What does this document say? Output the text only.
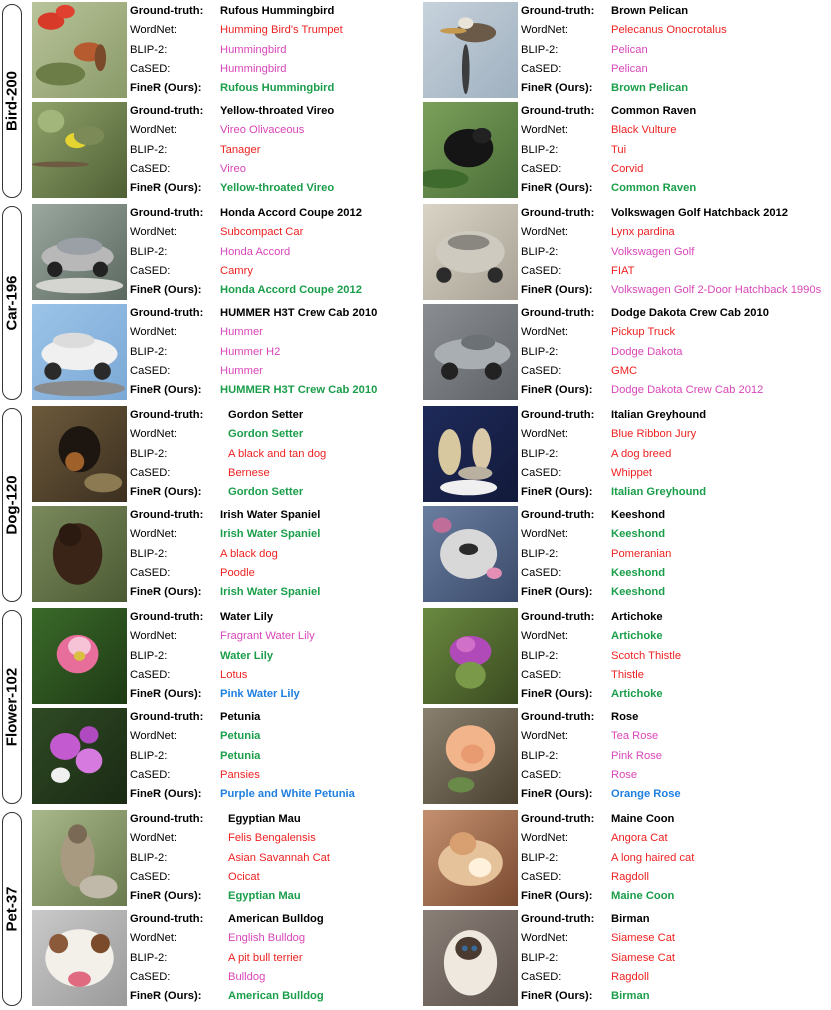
Bird-200
Ground-truth: Rufous Hummingbird
WordNet:	Humming Bird's Trumpet
BLIP-2:	Hummingbird
CaSED:	Hummingbird
FineR (Ours): Rufous Hummingbird
Ground-truth: Brown Pelican
WordNet:	Pelecanus Onocrotalus
BLIP-2:	Pelican
CaSED:	Pelican
FineR (Ours): Brown Pelican
Ground-truth: Yellow-throated Vireo
WordNet:	Vireo Olivaceous
BLIP-2:	Tanager
CaSED:	Vireo
FineR (Ours): Yellow-throated Vireo
Ground-truth: Common Raven
WordNet:	Black Vulture
BLIP-2:	Tui
CaSED:	Corvid
FineR (Ours): Common Raven
Car-196
Ground-truth: Honda Accord Coupe 2012
WordNet:	Subcompact Car
BLIP-2:	Honda Accord
CaSED:	Camry
FineR (Ours): Honda Accord Coupe 2012
Ground-truth: Volkswagen Golf Hatchback 2012
WordNet:	Lynx pardina
BLIP-2:	Volkswagen Golf
CaSED:	FIAT
FineR (Ours): Volkswagen Golf 2-Door Hatchback 1990s
Ground-truth: HUMMER H3T Crew Cab 2010
WordNet:	Hummer
BLIP-2:	Hummer H2
CaSED:	Hummer
FineR (Ours): HUMMER H3T Crew Cab 2010
Ground-truth: Dodge Dakota Crew Cab 2010
WordNet:	Pickup Truck
BLIP-2:	Dodge Dakota
CaSED:	GMC
FineR (Ours): Dodge Dakota Crew Cab 2012
Dog-120
Ground-truth: Gordon Setter
WordNet:	Gordon Setter
BLIP-2:	A black and tan dog
CaSED:	Bernese
FineR (Ours): Gordon Setter
Ground-truth: Italian Greyhound
WordNet:	Blue Ribbon Jury
BLIP-2:	A dog breed
CaSED:	Whippet
FineR (Ours): Italian Greyhound
Ground-truth: Irish Water Spaniel
WordNet:	Irish Water Spaniel
BLIP-2:	A black dog
CaSED:	Poodle
FineR (Ours): Irish Water Spaniel
Ground-truth: Keeshond
WordNet:	Keeshond
BLIP-2:	Pomeranian
CaSED:	Keeshond
FineR (Ours): Keeshond
Flower-102
Ground-truth: Water Lily
WordNet:	Fragrant Water Lily
BLIP-2:	Water Lily
CaSED:	Lotus
FineR (Ours): Pink Water Lily
Ground-truth: Artichoke
WordNet:	Artichoke
BLIP-2:	Scotch Thistle
CaSED:	Thistle
FineR (Ours): Artichoke
Ground-truth: Petunia
WordNet:	Petunia
BLIP-2:	Petunia
CaSED:	Pansies
FineR (Ours): Purple and White Petunia
Ground-truth: Rose
WordNet:	Tea Rose
BLIP-2:	Pink Rose
CaSED:	Rose
FineR (Ours): Orange Rose
Pet-37
Ground-truth: Egyptian Mau
WordNet:	Felis Bengalensis
BLIP-2:	Asian Savannah Cat
CaSED:	Ocicat
FineR (Ours): Egyptian Mau
Ground-truth: Maine Coon
WordNet:	Angora Cat
BLIP-2:	A long haired cat
CaSED:	Ragdoll
FineR (Ours): Maine Coon
Ground-truth: American Bulldog
WordNet:	English Bulldog
BLIP-2:	A pit bull terrier
CaSED:	Bulldog
FineR (Ours): American Bulldog
Ground-truth: Birman
WordNet:	Siamese Cat
BLIP-2:	Siamese Cat
CaSED:	Ragdoll
FineR (Ours): Birman
